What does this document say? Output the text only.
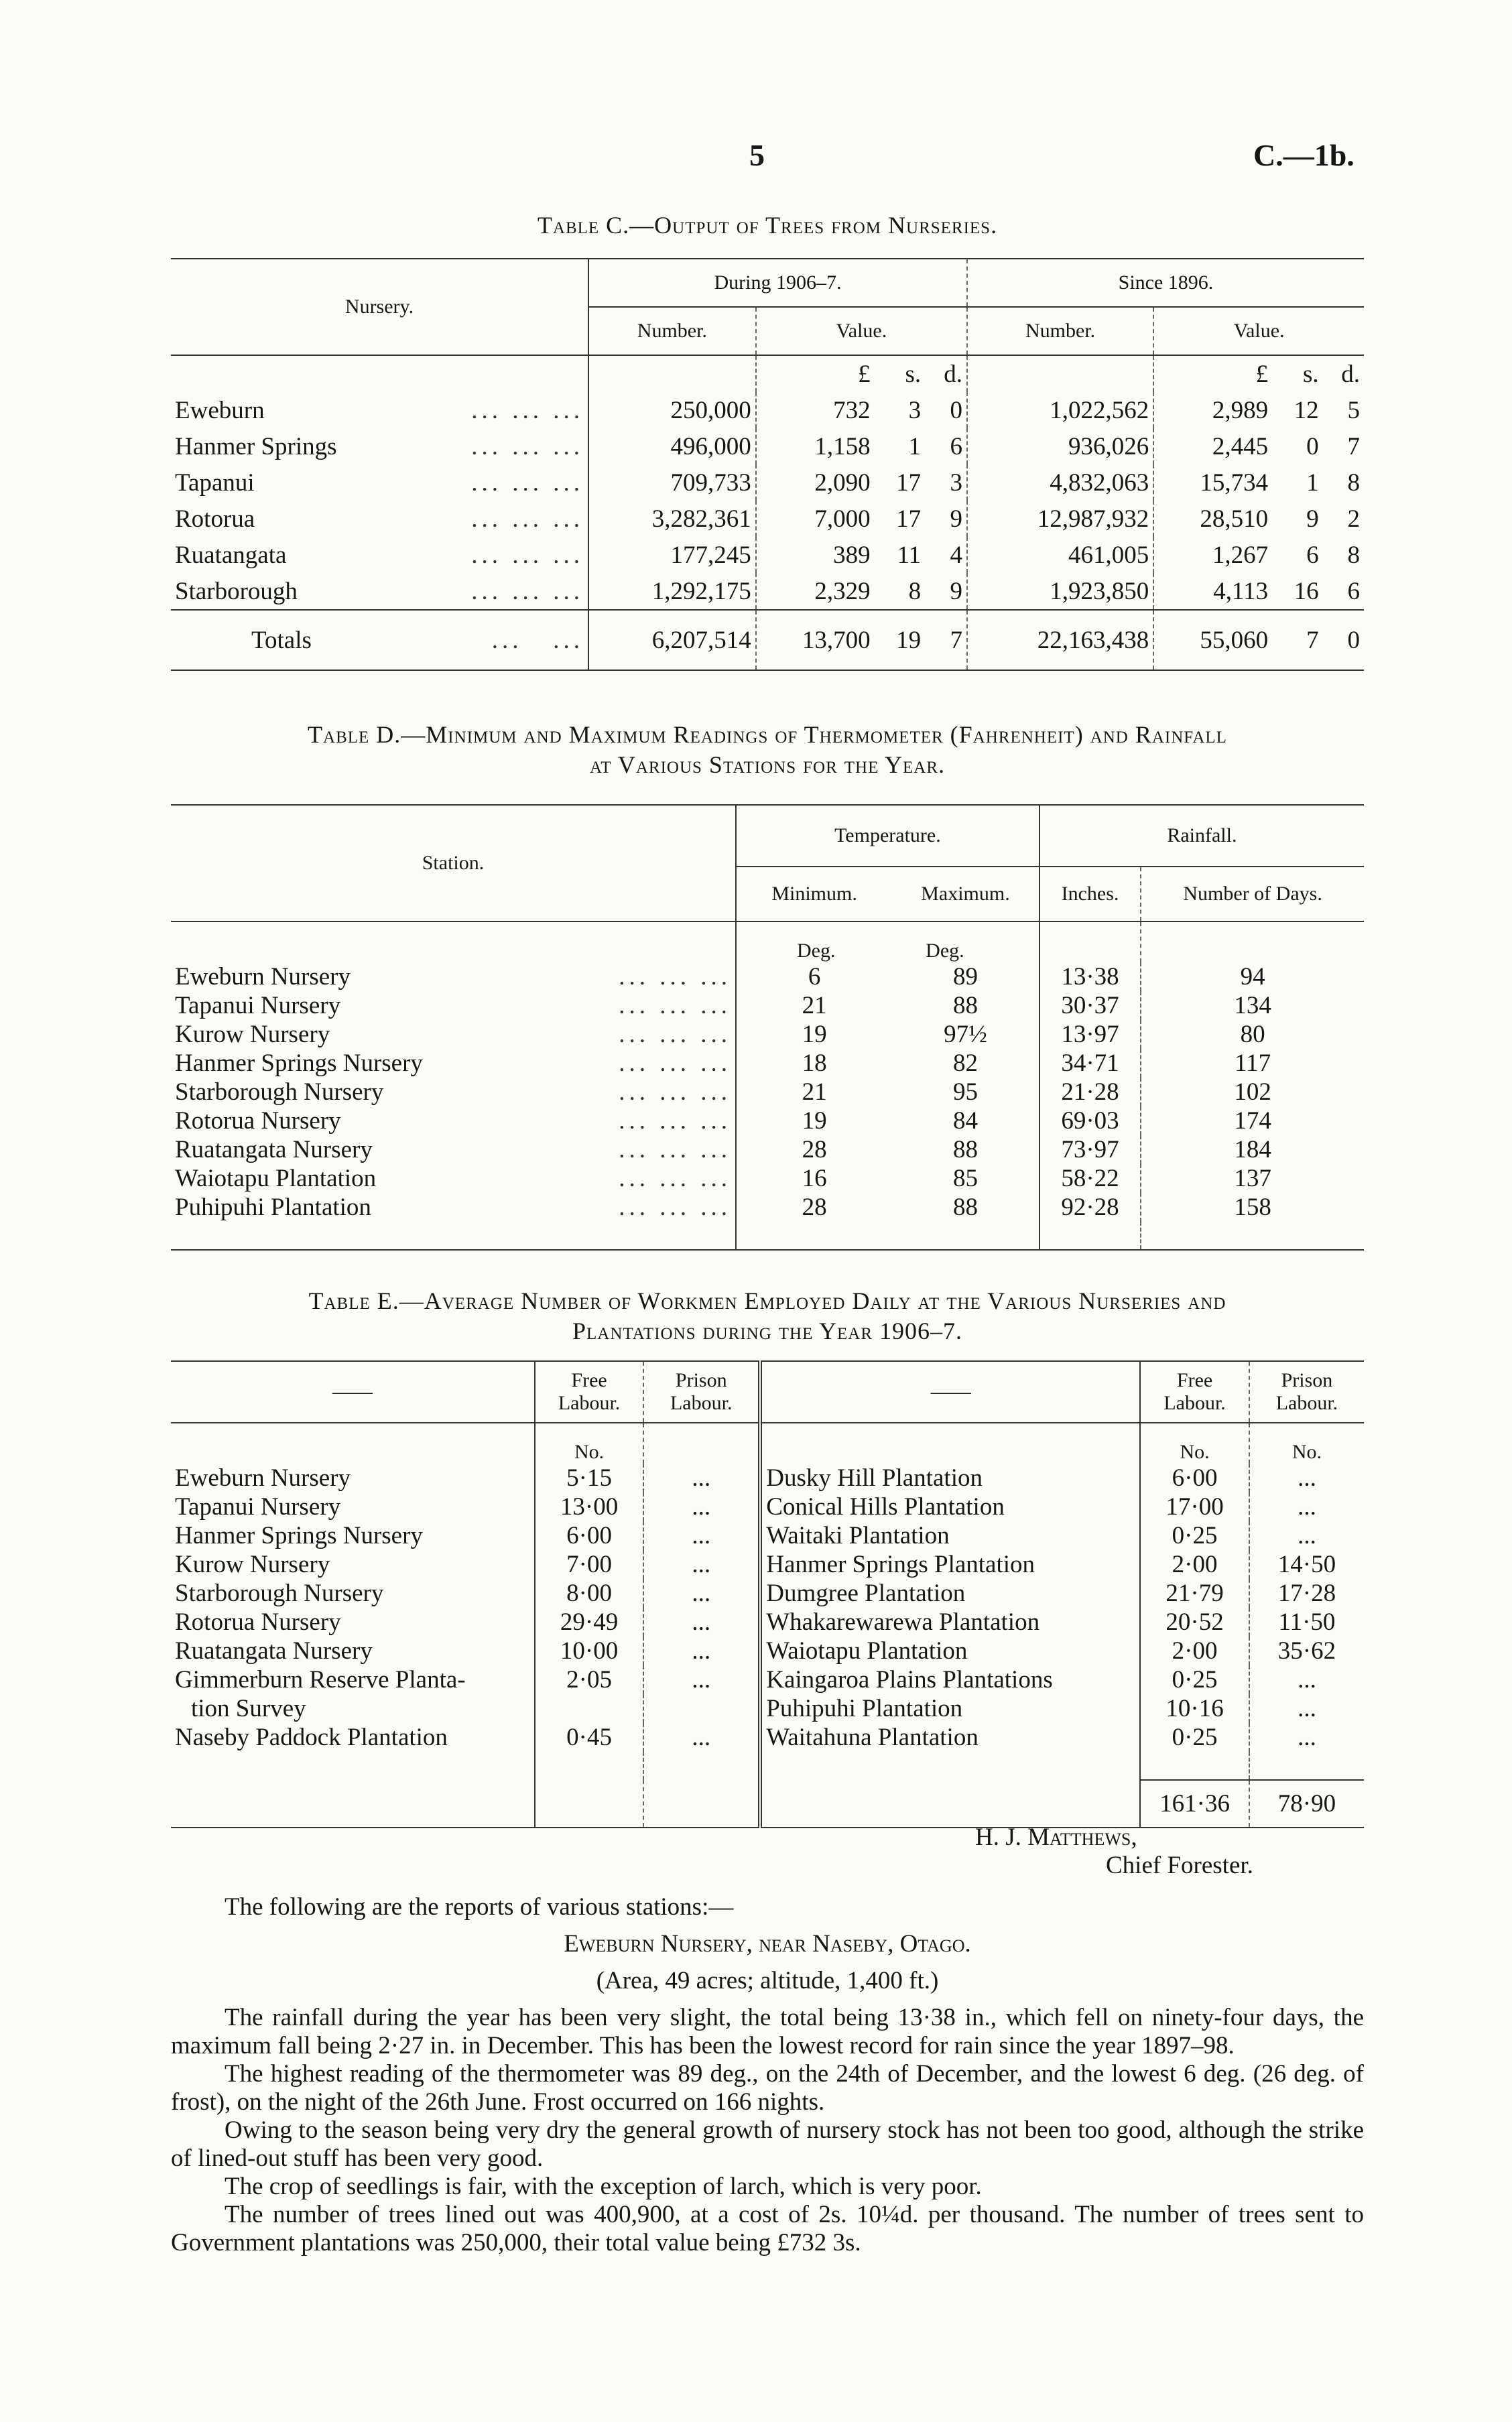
5	C.—1b.
Table C.—Output of Trees from Nurseries.
Nursery.	During 1906–7.				Since 1896.			
	Number.	Value.			Number.	Value.		
		£	s.	d.		£	s.	d.
Eweburn ... ... ...	250,000	732	3	0	1,022,562	2,989	12	5
Hanmer Springs ... ... ...	496,000	1,158	1	6	936,026	2,445	0	7
Tapanui ... ... ...	709,733	2,090	17	3	4,832,063	15,734	1	8
Rotorua ... ... ...	3,282,361	7,000	17	9	12,987,932	28,510	9	2
Ruatangata ... ... ...	177,245	389	11	4	461,005	1,267	6	8
Starborough ... ... ...	1,292,175	2,329	8	9	1,923,850	4,113	16	6
Totals ...   ...	6,207,514	13,700	19	7	22,163,438	55,060	7	0
Table D.—Minimum and Maximum Readings of Thermometer (Fahrenheit) and Rainfall
at Various Stations for the Year.
Station.	Temperature.		Rainfall.	
	Minimum.	Maximum.	Inches.	Number of Days.
	Deg.	Deg.		
Eweburn Nursery ... ... ...	6	89	13·38	94
Tapanui Nursery ... ... ...	21	88	30·37	134
Kurow Nursery ... ... ...	19	97½	13·97	80
Hanmer Springs Nursery ... ... ...	18	82	34·71	117
Starborough Nursery ... ... ...	21	95	21·28	102
Rotorua Nursery ... ... ...	19	84	69·03	174
Ruatangata Nursery ... ... ...	28	88	73·97	184
Waiotapu Plantation ... ... ...	16	85	58·22	137
Puhipuhi Plantation ... ... ...	28	88	92·28	158

Table E.—Average Number of Workmen Employed Daily at the Various Nurseries and
Plantations during the Year 1906–7.
——	Free Labour.	Prison Labour.	——	Free Labour.	Prison Labour.
	No.			No.	No.
Eweburn Nursery	5·15	...	Dusky Hill Plantation	6·00	...
Tapanui Nursery	13·00	...	Conical Hills Plantation	17·00	...
Hanmer Springs Nursery	6·00	...	Waitaki Plantation	0·25	...
Kurow Nursery	7·00	...	Hanmer Springs Plantation	2·00	14·50
Starborough Nursery	8·00	...	Dumgree Plantation	21·79	17·28
Rotorua Nursery	29·49	...	Whakarewarewa Plantation	20·52	11·50
Ruatangata Nursery	10·00	...	Waiotapu Plantation	2·00	35·62
Gimmerburn Reserve Planta-	2·05	...	Kaingaroa Plains Plantations	0·25	...
tion Survey			Puhipuhi Plantation	10·16	...
Naseby Paddock Plantation	0·45	...	Waitahuna Plantation	0·25	...

				161·36	78·90
H. J. Matthews,
Chief Forester.
The following are the reports of various stations:—
Eweburn Nursery, near Naseby, Otago.
(Area, 49 acres; altitude, 1,400 ft.)
The rainfall during the year has been very slight, the total being 13·38 in., which fell on ninety-four days, the maximum fall being 2·27 in. in December. This has been the lowest record for rain since the year 1897–98.
The highest reading of the thermometer was 89 deg., on the 24th of December, and the lowest 6 deg. (26 deg. of frost), on the night of the 26th June. Frost occurred on 166 nights.
Owing to the season being very dry the general growth of nursery stock has not been too good, although the strike of lined-out stuff has been very good.
The crop of seedlings is fair, with the exception of larch, which is very poor.
The number of trees lined out was 400,900, at a cost of 2s. 10¼d. per thousand. The number of trees sent to Government plantations was 250,000, their total value being £732 3s.
